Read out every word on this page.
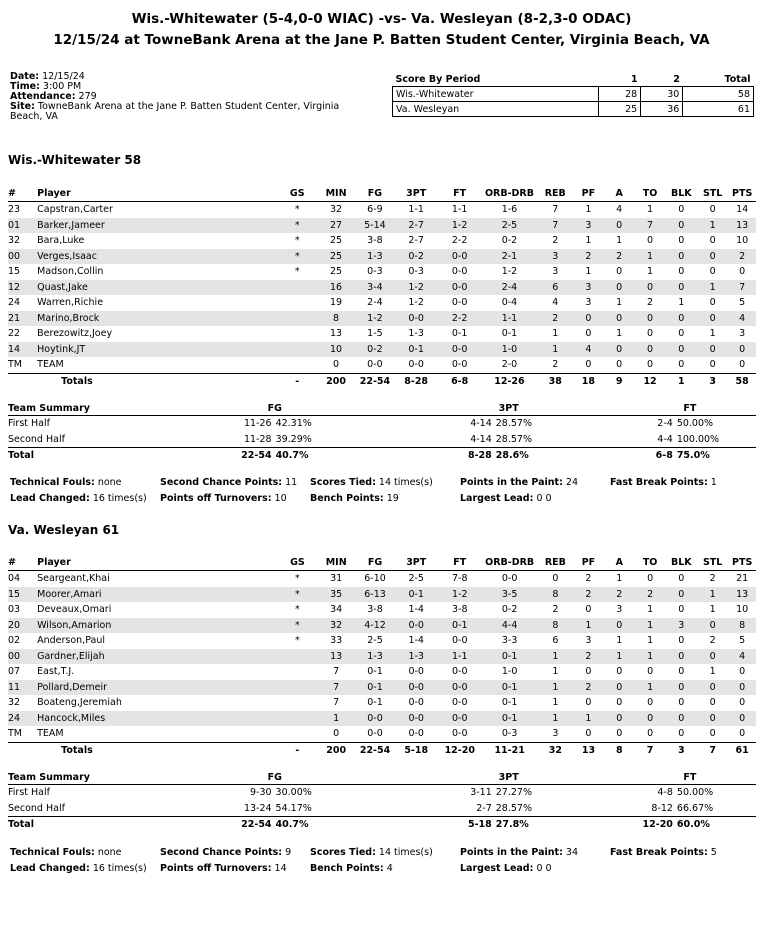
Wis.-Whitewater (5-4,0-0 WIAC) -vs- Va. Wesleyan (8-2,3-0 ODAC)
12/15/24 at TowneBank Arena at the Jane P. Batten Student Center, Virginia Beach, VA
Date: 12/15/24
Time: 3:00 PM
Attendance: 279
Site: TowneBank Arena at the Jane P. Batten Student Center, Virginia Beach, VA
Score By Period	1	2	Total
Wis.-Whitewater	28	30	58
Va. Wesleyan	25	36	61
Wis.-Whitewater 58
#	Player	GS	MIN	FG	3PT	FT	ORB-DRB	REB	PF	A	TO	BLK	STL	PTS
23	Capstran,Carter	*	32	6-9	1-1	1-1	1-6	7	1	4	1	0	0	14
01	Barker,Jameer	*	27	5-14	2-7	1-2	2-5	7	3	0	7	0	1	13
32	Bara,Luke	*	25	3-8	2-7	2-2	0-2	2	1	1	0	0	0	10
00	Verges,Isaac	*	25	1-3	0-2	0-0	2-1	3	2	2	1	0	0	2
15	Madson,Collin	*	25	0-3	0-3	0-0	1-2	3	1	0	1	0	0	0
12	Quast,Jake		16	3-4	1-2	0-0	2-4	6	3	0	0	0	1	7
24	Warren,Richie		19	2-4	1-2	0-0	0-4	4	3	1	2	1	0	5
21	Marino,Brock		8	1-2	0-0	2-2	1-1	2	0	0	0	0	0	4
22	Berezowitz,Joey		13	1-5	1-3	0-1	0-1	1	0	1	0	0	1	3
14	Hoytink,JT		10	0-2	0-1	0-0	1-0	1	4	0	0	0	0	0
TM	TEAM		0	0-0	0-0	0-0	2-0	2	0	0	0	0	0	0
	Totals	-	200	22-54	8-28	6-8	12-26	38	18	9	12	1	3	58
Team Summary	FG		3PT		FT	
First Half	11-26	42.31%	4-14	28.57%	2-4	50.00%
Second Half	11-28	39.29%	4-14	28.57%	4-4	100.00%
Total	22-54	40.7%	8-28	28.6%	6-8	75.0%
Technical Fouls: none	Second Chance Points: 11 Scores Tied: 14 times(s)	Points in the Paint: 24	Fast Break Points: 1
Lead Changed: 16 times(s) Points off Turnovers: 10 Bench Points: 19	Largest Lead: 0 0
Va. Wesleyan 61
#	Player	GS	MIN	FG	3PT	FT	ORB-DRB	REB	PF	A	TO	BLK	STL	PTS
04	Seargeant,Khai	*	31	6-10	2-5	7-8	0-0	0	2	1	0	0	2	21
15	Moorer,Amari	*	35	6-13	0-1	1-2	3-5	8	2	2	2	0	1	13
03	Deveaux,Omari	*	34	3-8	1-4	3-8	0-2	2	0	3	1	0	1	10
20	Wilson,Amarion	*	32	4-12	0-0	0-1	4-4	8	1	0	1	3	0	8
02	Anderson,Paul	*	33	2-5	1-4	0-0	3-3	6	3	1	1	0	2	5
00	Gardner,Elijah		13	1-3	1-3	1-1	0-1	1	2	1	1	0	0	4
07	East,T.J.		7	0-1	0-0	0-0	1-0	1	0	0	0	0	1	0
11	Pollard,Demeir		7	0-1	0-0	0-0	0-1	1	2	0	1	0	0	0
32	Boateng,Jeremiah		7	0-1	0-0	0-0	0-1	1	0	0	0	0	0	0
24	Hancock,Miles		1	0-0	0-0	0-0	0-1	1	1	0	0	0	0	0
TM	TEAM		0	0-0	0-0	0-0	0-3	3	0	0	0	0	0	0
	Totals	-	200	22-54	5-18	12-20	11-21	32	13	8	7	3	7	61
Team Summary	FG		3PT		FT	
First Half	9-30	30.00%	3-11	27.27%	4-8	50.00%
Second Half	13-24	54.17%	2-7	28.57%	8-12	66.67%
Total	22-54	40.7%	5-18	27.8%	12-20	60.0%
Technical Fouls: none	Second Chance Points: 9 Scores Tied: 14 times(s)	Points in the Paint: 34	Fast Break Points: 5
Lead Changed: 16 times(s) Points off Turnovers: 14 Bench Points: 4	Largest Lead: 0 0
